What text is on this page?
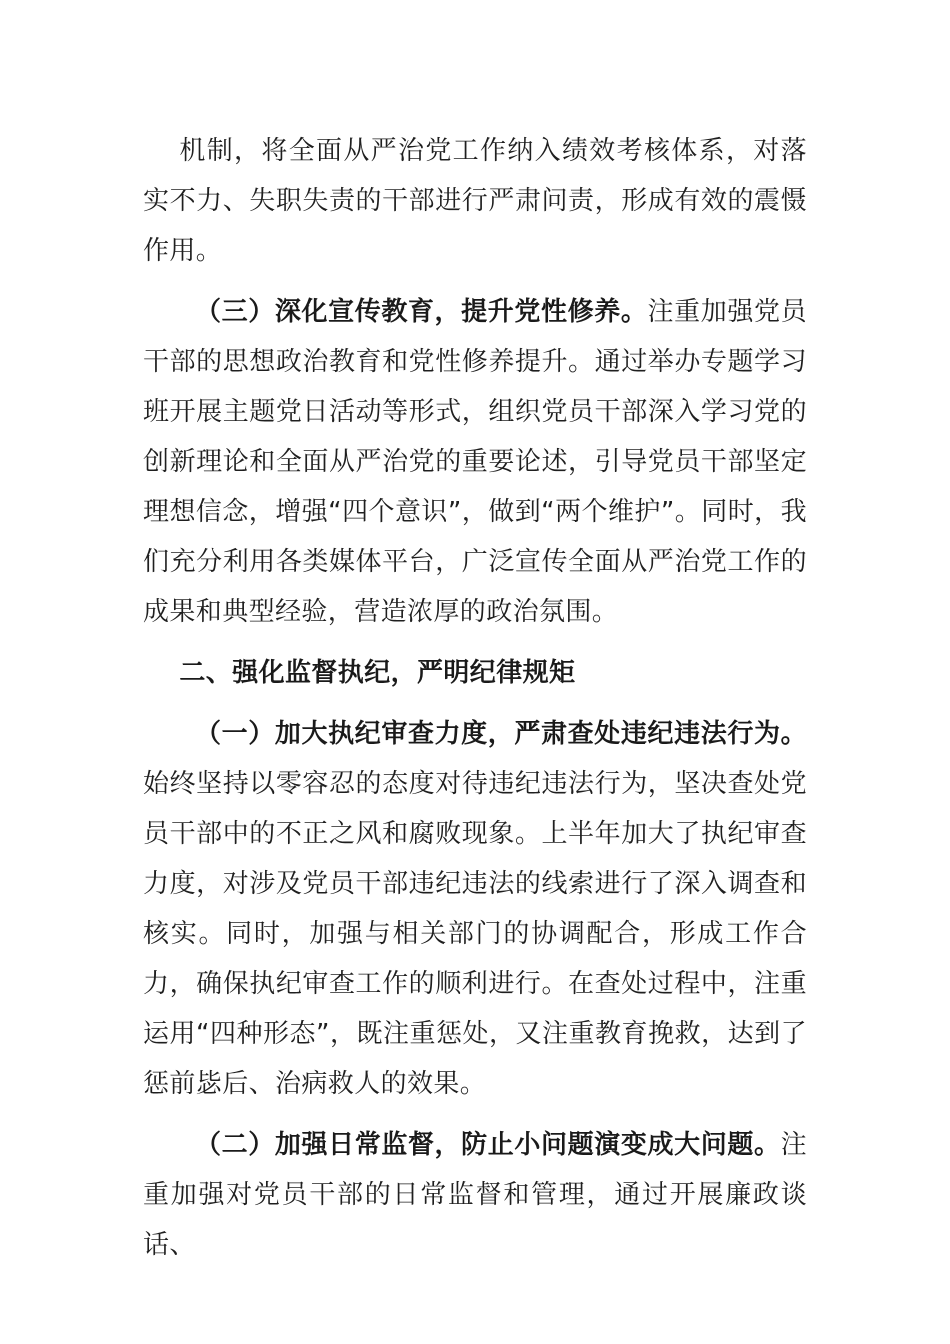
机制，将全面从严治党工作纳入绩效考核体系，对落实不力、失职失责的干部进行严肃问责，形成有效的震慑作用。

（三）深化宣传教育，提升党性修养。注重加强党员干部的思想政治教育和党性修养提升。通过举办专题学习班开展主题党日活动等形式，组织党员干部深入学习党的创新理论和全面从严治党的重要论述，引导党员干部坚定理想信念，增强“四个意识”，做到“两个维护”。同时，我们充分利用各类媒体平台，广泛宣传全面从严治党工作的成果和典型经验，营造浓厚的政治氛围。

二、强化监督执纪，严明纪律规矩

（一）加大执纪审查力度，严肃查处违纪违法行为。始终坚持以零容忍的态度对待违纪违法行为，坚决查处党员干部中的不正之风和腐败现象。上半年加大了执纪审查力度，对涉及党员干部违纪违法的线索进行了深入调查和核实。同时，加强与相关部门的协调配合，形成工作合力，确保执纪审查工作的顺利进行。在查处过程中，注重运用“四种形态”，既注重惩处，又注重教育挽救，达到了惩前毖后、治病救人的效果。

（二）加强日常监督，防止小问题演变成大问题。注重加强对党员干部的日常监督和管理，通过开展廉政谈话、
